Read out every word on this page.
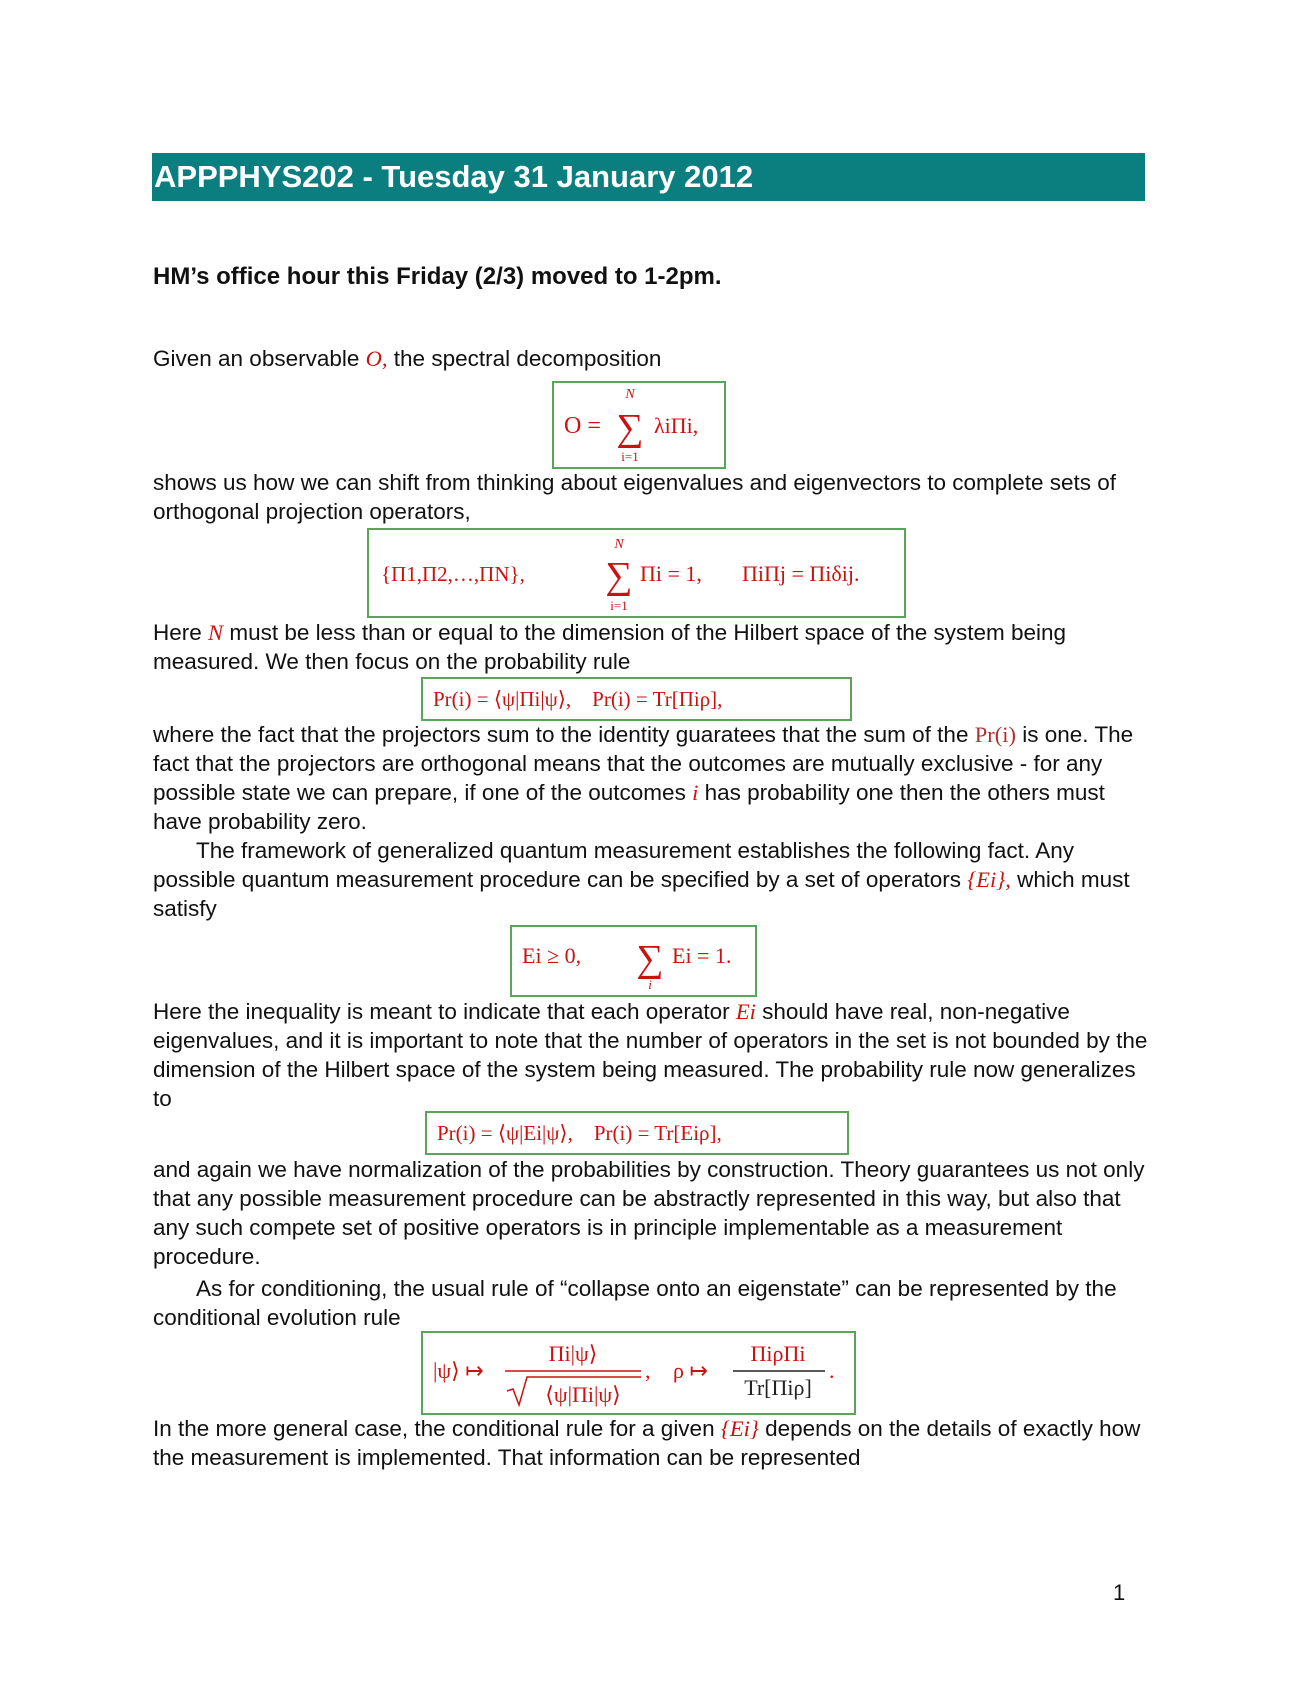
APPPHYS202 - Tuesday 31 January 2012
HM’s office hour this Friday (2/3) moved to 1-2pm.

Given an observable O, the spectral decomposition

O =
N
∑
i=1
λiΠi,

shows us how we can shift from thinking about eigenvalues and eigenvectors to complete sets of orthogonal projection operators,

{Π1,Π2,…,ΠN},
N
∑
i=1
Πi = 1, ΠiΠj = Πiδij.

Here N must be less than or equal to the dimension of the Hilbert space of the system being measured. We then focus on the probability rule

Pr(i) = ⟨ψ|Πi|ψ⟩,    Pr(i) = Tr[Πiρ],

where the fact that the projectors sum to the identity guaratees that the sum of the Pr(i) is one. The fact that the projectors are orthogonal means that the outcomes are mutually exclusive - for any possible state we can prepare, if one of the outcomes i has probability one then the others must have probability zero.

The framework of generalized quantum measurement establishes the following fact. Any possible quantum measurement procedure can be specified by a set of operators {Ei}, which must satisfy

Ei ≥ 0, ∑
i
Ei = 1.

Here the inequality is meant to indicate that each operator Ei should have real, non-negative eigenvalues, and it is important to note that the number of operators in the set is not bounded by the dimension of the Hilbert space of the system being measured. The probability rule now generalizes to

Pr(i) = ⟨ψ|Ei|ψ⟩,    Pr(i) = Tr[Eiρ],

and again we have normalization of the probabilities by construction. Theory guarantees us not only that any possible measurement procedure can be abstractly represented in this way, but also that any such compete set of positive operators is in principle implementable as a measurement procedure.

As for conditioning, the usual rule of “collapse onto an eigenstate” can be represented by the conditional evolution rule

|ψ⟩ ↦
Πi|ψ⟩
⟨ψ|Πi|ψ⟩
, ρ ↦
ΠiρΠi
Tr[Πiρ]
.

In the more general case, the conditional rule for a given {Ei} depends on the details of exactly how the measurement is implemented. That information can be represented

1
